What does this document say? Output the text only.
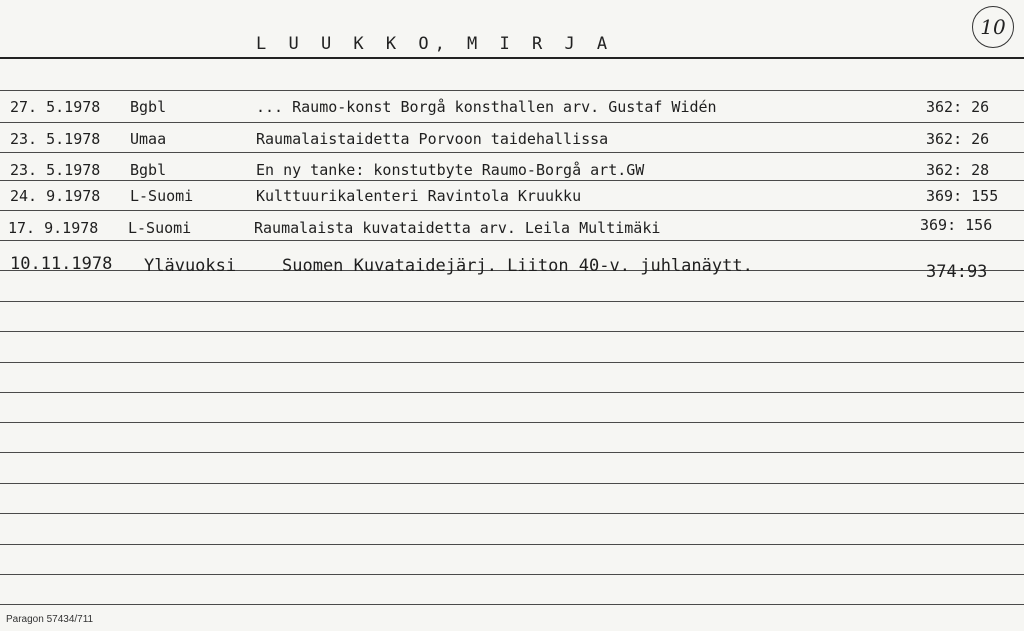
L U U K K O, M I R J A
10
27. 5.1978 Bgbl	... Raumo-konst Borgå konsthallen arv. Gustaf Widén	362: 26
23. 5.1978 Umaa	Raumalaistaidetta Porvoon taidehallissa	362: 26
23. 5.1978 Bgbl	En ny tanke: konstutbyte Raumo-Borgå art.GW	362: 28
24. 9.1978 L-Suomi	Kulttuurikalenteri Ravintola Kruukku	369: 155
17. 9.1978 L-Suomi	Raumalaista kuvataidetta arv. Leila Multimäki	369: 156
10.11.1978 Ylävuoksi	Suomen Kuvataidejärj. Liiton 40-v. juhlanäytt.	374:93
Paragon 57434/711
